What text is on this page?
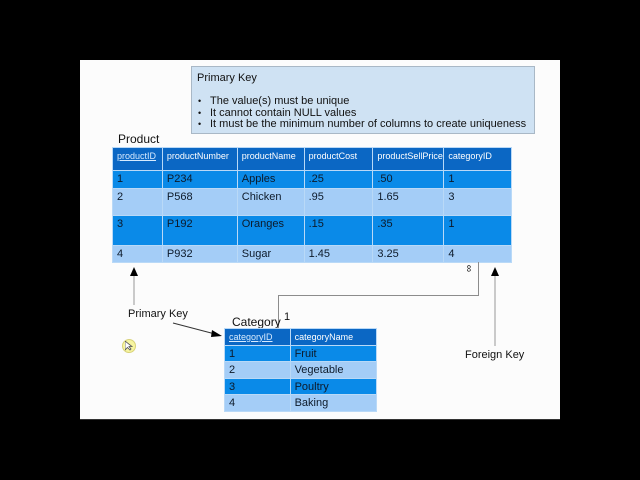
Primary Key
• The value(s) must be unique
• It cannot contain NULL values
• It must be the minimum number of columns to create uniqueness
Product
productID	productNumber	productName	productCost	productSellPrice	categoryID
1	P234	Apples	.25	.50	1
2	P568	Chicken	.95	1.65	3
3	P192	Oranges	.15	.35	1
4	P932	Sugar	1.45	3.25	4
∞
1
Primary Key
Foreign Key
Category
categoryID	categoryName
1	Fruit
2	Vegetable
3	Poultry
4	Baking
